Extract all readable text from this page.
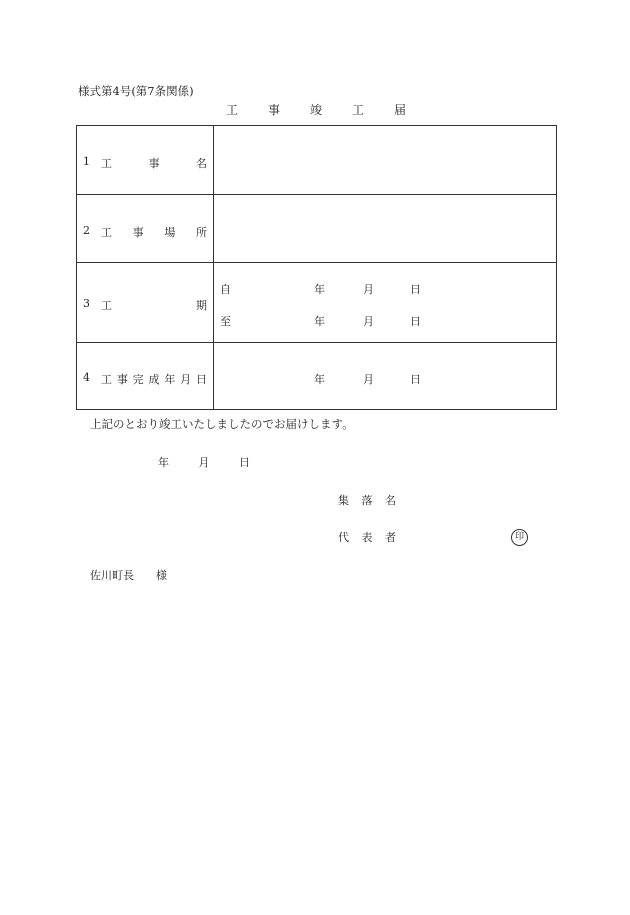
様式第4号(第7条関係)
工 事 竣 工 届
1 工	事	名
2 工 事 場 所
3 工	期
自	年	月	日
至	年	月	日
4 工 事 完 成 年 月 日	年	月	日
上記のとおり竣工いたしましたのでお届けします。
年	月	日
集 落 名
代 表 者	印
佐川町長　　様
